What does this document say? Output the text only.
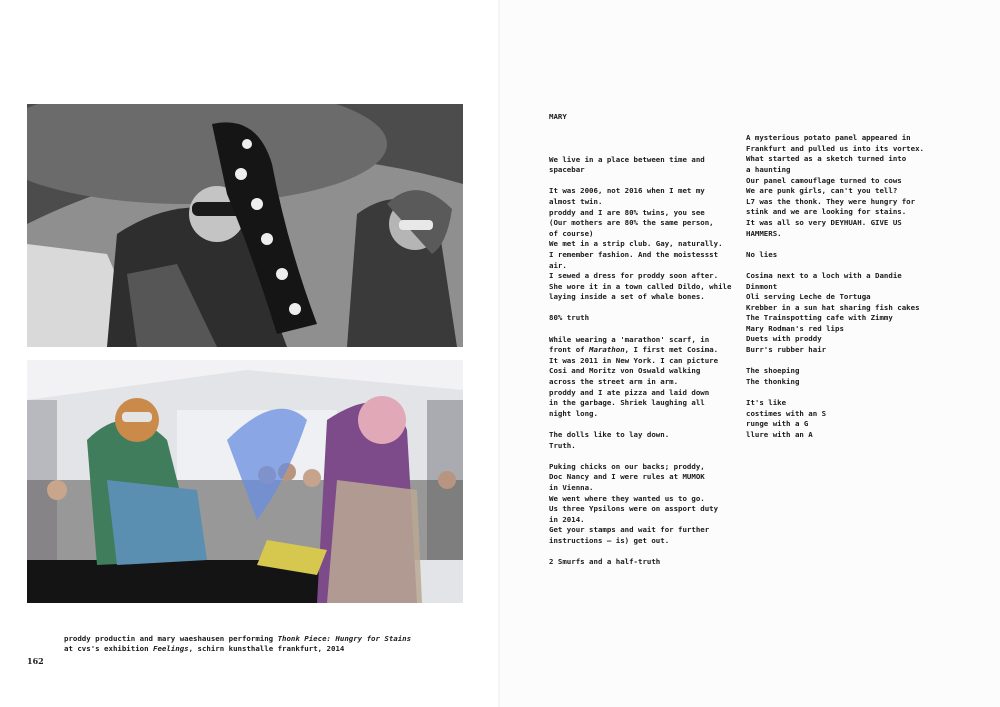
proddy productin and mary waeshausen performing Thonk Piece: Hungry for Stains
at cvs's exhibition Feelings, schirn kunsthalle frankfurt, 2014
162

MARY

We live in a place between time and
spacebar
It was 2006, not 2016 when I met my
almost twin.
proddy and I are 80% twins, you see
(Our mothers are 80% the same person,
of course)
We met in a strip club. Gay, naturally.
I remember fashion. And the moistessst
air.
I sewed a dress for proddy soon after.
She wore it in a town called Dildo, while
laying inside a set of whale bones.
80% truth
While wearing a 'marathon' scarf, in
front of Marathon, I first met Cosima.
It was 2011 in New York. I can picture
Cosi and Moritz von Oswald walking
across the street arm in arm.
proddy and I ate pizza and laid down
in the garbage. Shriek laughing all
night long.
The dolls like to lay down.
Truth.
Puking chicks on our backs; proddy,
Doc Nancy and I were rules at MUMOK
in Vienna.
We went where they wanted us to go.
Us three Ypsilons were on assport duty
in 2014.
Get your stamps and wait for further
instructions – is) get out.
2 Smurfs and a half-truth

A mysterious potato panel appeared in
Frankfurt and pulled us into its vortex.
What started as a sketch turned into
a haunting
Our panel camouflage turned to cows
We are punk girls, can't you tell?
L7 was the thonk. They were hungry for
stink and we are looking for stains.
It was all so very DEYHUAH. GIVE US
HAMMERS.
No lies
Cosima next to a loch with a Dandie
Dinmont
Oli serving Leche de Tortuga
Krebber in a sun hat sharing fish cakes
The Trainspotting cafe with Zimmy
Mary Rodman's red lips
Duets with proddy
Burr's rubber hair
The shoeping
The thonking
It's like
costimes with an S
runge with a G
llure with an A
